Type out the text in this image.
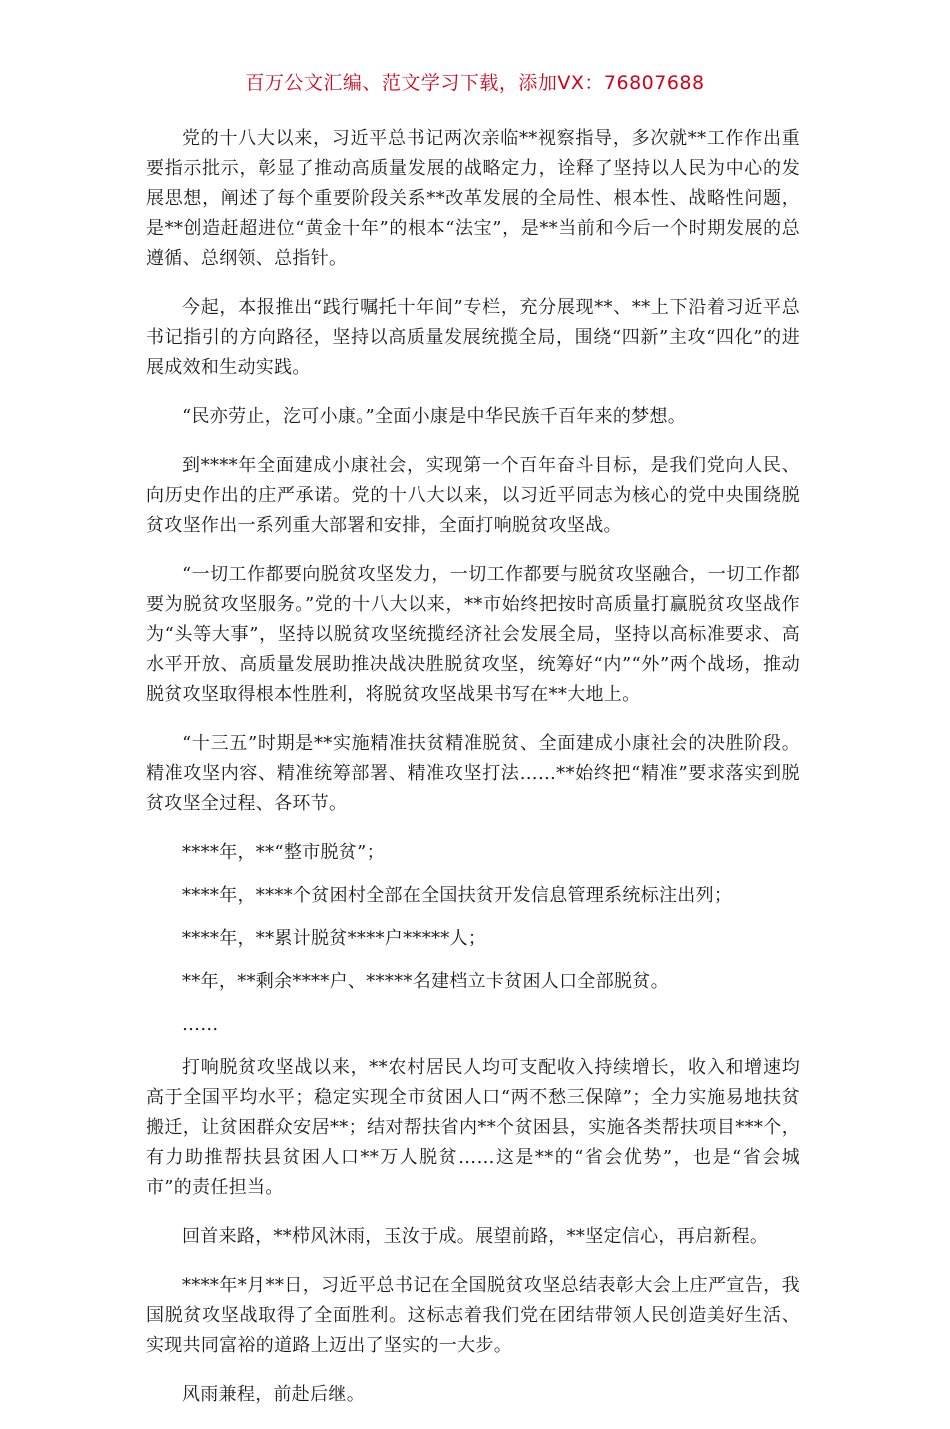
百万公文汇编、范文学习下载，添加VX：76807688

党的十八大以来，习近平总书记两次亲临**视察指导，多次就**工作作出重要指示批示，彰显了推动高质量发展的战略定力，诠释了坚持以人民为中心的发展思想，阐述了每个重要阶段关系**改革发展的全局性、根本性、战略性问题，是**创造赶超进位“黄金十年”的根本“法宝”，是**当前和今后一个时期发展的总遵循、总纲领、总指针。

今起，本报推出“践行嘱托十年间”专栏，充分展现**、**上下沿着习近平总书记指引的方向路径，坚持以高质量发展统揽全局，围绕“四新”主攻“四化”的进展成效和生动实践。

“民亦劳止，汔可小康。”全面小康是中华民族千百年来的梦想。

到****年全面建成小康社会，实现第一个百年奋斗目标，是我们党向人民、向历史作出的庄严承诺。党的十八大以来，以习近平同志为核心的党中央围绕脱贫攻坚作出一系列重大部署和安排，全面打响脱贫攻坚战。

“一切工作都要向脱贫攻坚发力，一切工作都要与脱贫攻坚融合，一切工作都要为脱贫攻坚服务。”党的十八大以来，**市始终把按时高质量打赢脱贫攻坚战作为“头等大事”，坚持以脱贫攻坚统揽经济社会发展全局，坚持以高标准要求、高水平开放、高质量发展助推决战决胜脱贫攻坚，统筹好“内”“外”两个战场，推动脱贫攻坚取得根本性胜利，将脱贫攻坚战果书写在**大地上。

“十三五”时期是**实施精准扶贫精准脱贫、全面建成小康社会的决胜阶段。精准攻坚内容、精准统筹部署、精准攻坚打法……**始终把“精准”要求落实到脱贫攻坚全过程、各环节。

****年，**“整市脱贫”；

****年，****个贫困村全部在全国扶贫开发信息管理系统标注出列；

****年，**累计脱贫****户*****人；

**年，**剩余****户、*****名建档立卡贫困人口全部脱贫。

……

打响脱贫攻坚战以来，**农村居民人均可支配收入持续增长，收入和增速均高于全国平均水平；稳定实现全市贫困人口“两不愁三保障”；全力实施易地扶贫搬迁，让贫困群众安居**；结对帮扶省内**个贫困县，实施各类帮扶项目***个，有力助推帮扶县贫困人口**万人脱贫……这是**的“省会优势”，也是“省会城市”的责任担当。

回首来路，**栉风沐雨，玉汝于成。展望前路，**坚定信心，再启新程。

****年*月**日，习近平总书记在全国脱贫攻坚总结表彰大会上庄严宣告，我国脱贫攻坚战取得了全面胜利。这标志着我们党在团结带领人民创造美好生活、实现共同富裕的道路上迈出了坚实的一大步。

风雨兼程，前赴后继。
